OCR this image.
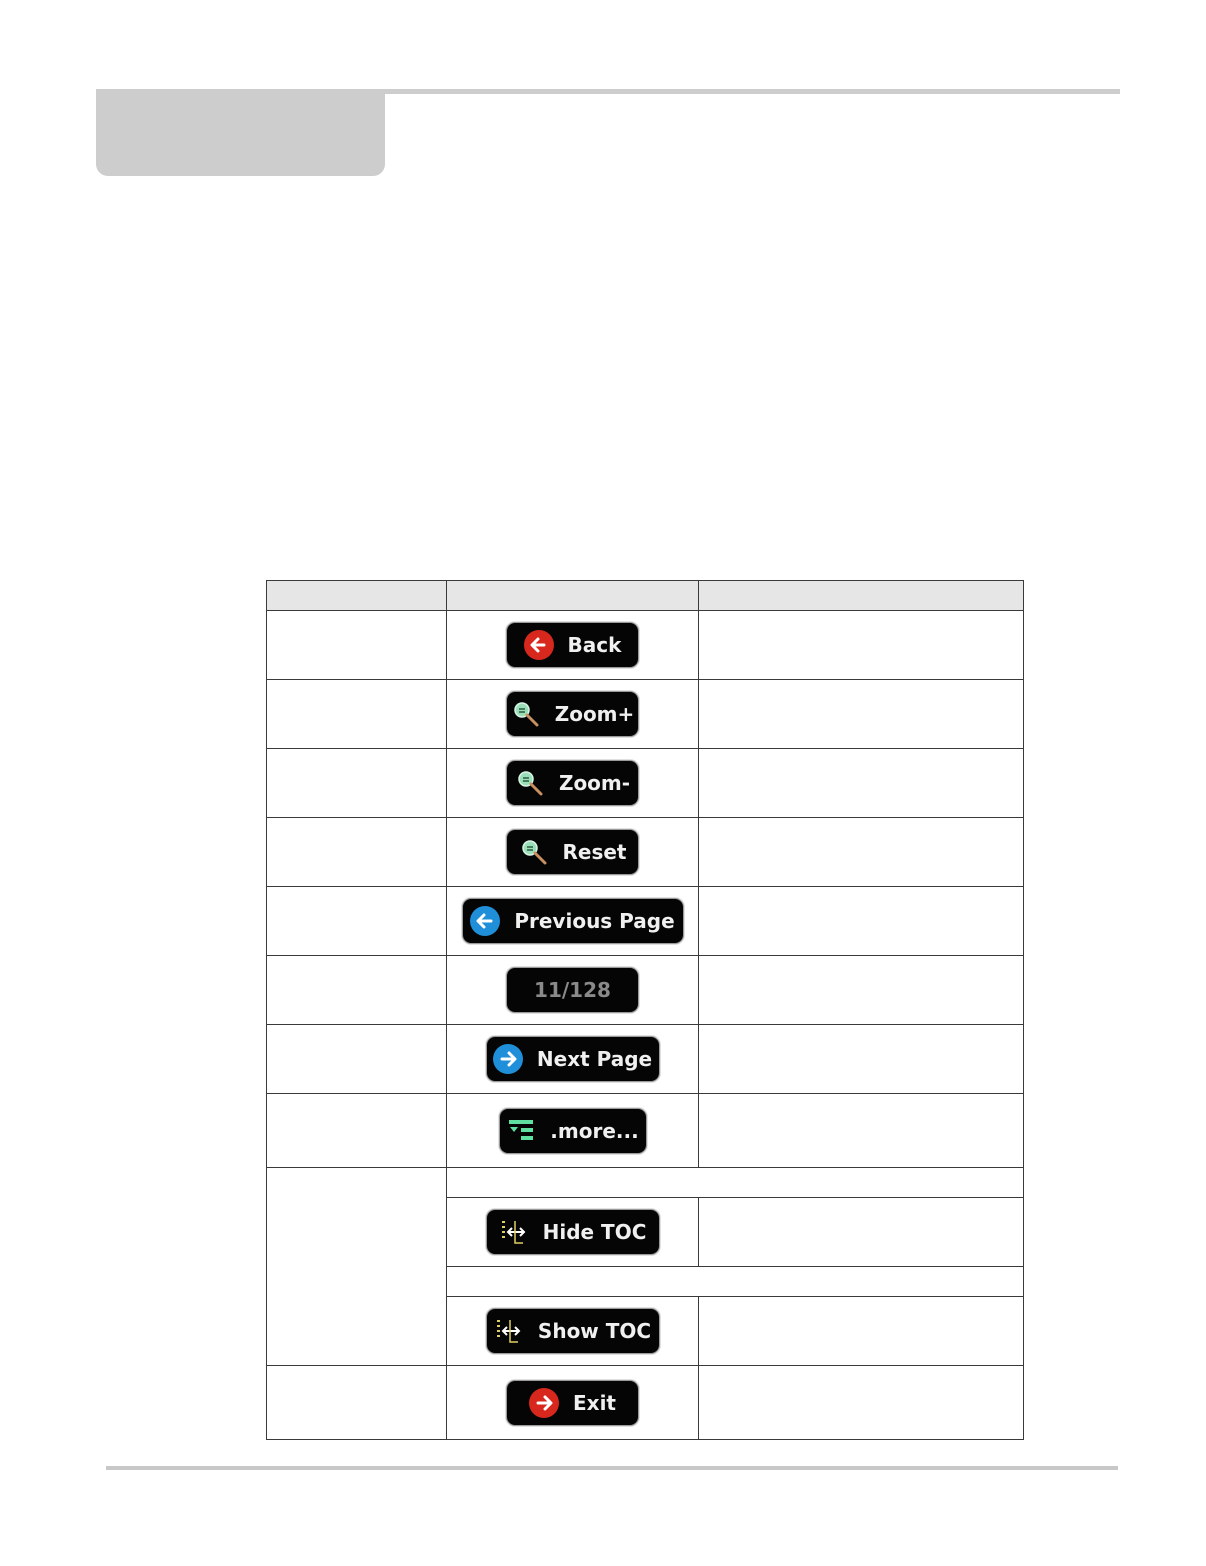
	Back	

	Zoom+	

	Zoom-	

	Reset	

	Previous Page	

	11/128	

	Next Page	

	.more...	

	Hide TOC	

	Show TOC	

	Exit	
